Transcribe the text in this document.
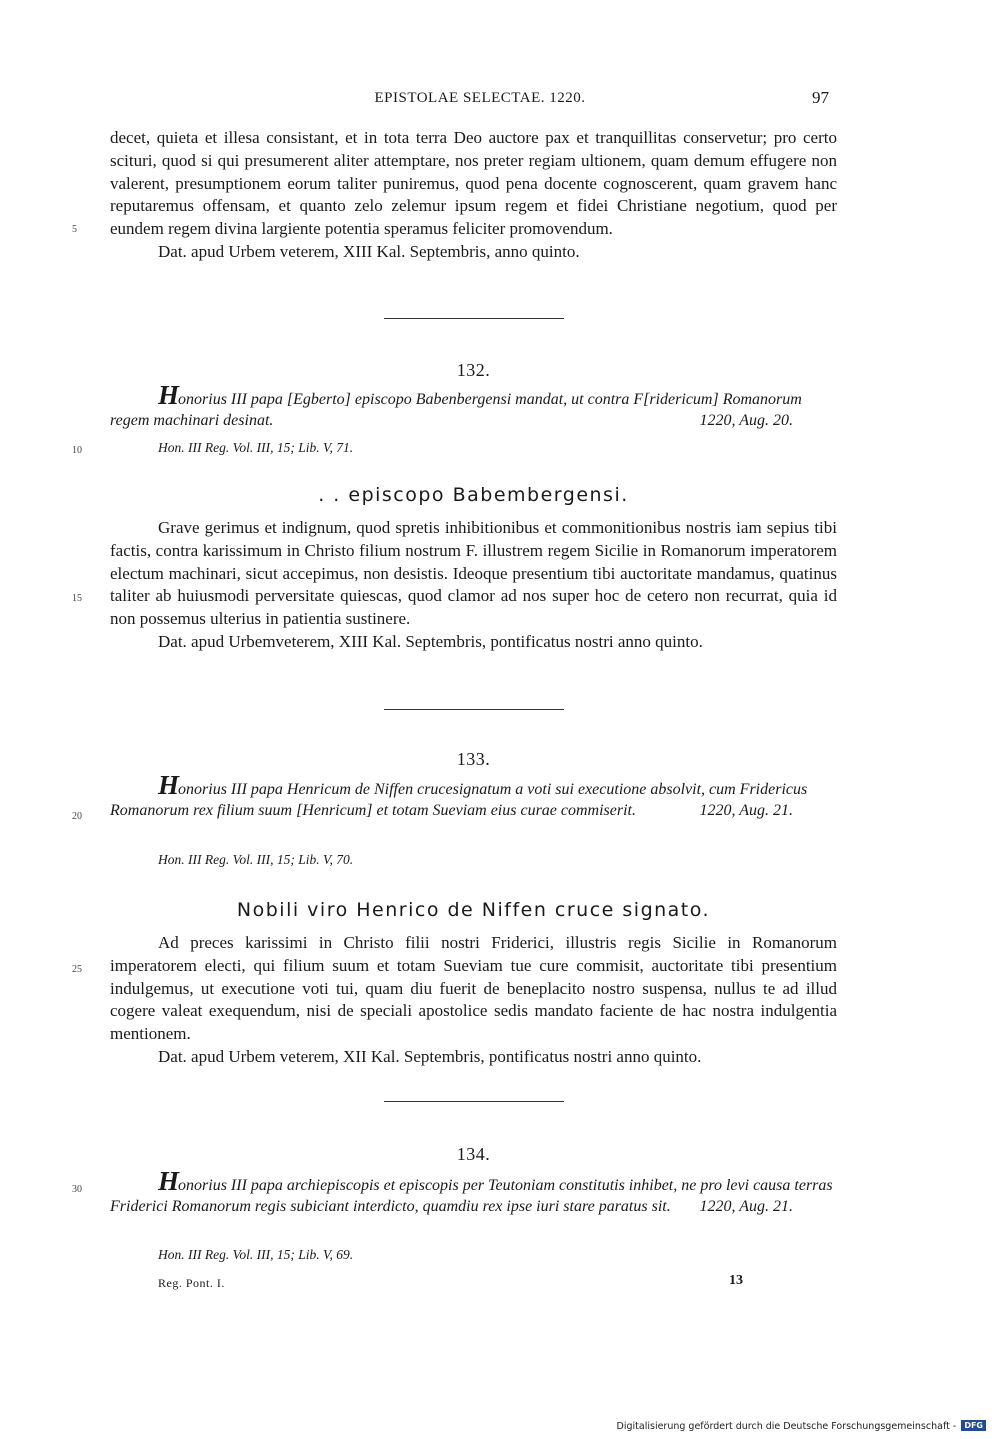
EPISTOLAE SELECTAE. 1220.	97

decet, quieta et illesa consistant, et in tota terra Deo auctore pax et tranquillitas conservetur; pro certo scituri, quod si qui presumerent aliter attemptare, nos preter regiam ultionem, quam demum effugere non valerent, presumptionem eorum taliter puniremus, quod pena docente cognoscerent, quam gravem hanc reputaremus offensam, et quanto zelo zelemur ipsum regem et fidei Christiane negotium, quod per eundem regem divina largiente potentia speramus feliciter promovendum.

Dat. apud Urbem veterem, XIII Kal. Septembris, anno quinto.

5
132.
Honorius III papa [Egberto] episcopo Babenbergensi mandat, ut contra F[ridericum] Romanorum regem machinari desinat.	1220, Aug. 20.
10	Hon. III Reg. Vol. III, 15; Lib. V, 71.
. . episcopo Babembergensi.

Grave gerimus et indignum, quod spretis inhibitionibus et commonitionibus nostris iam sepius tibi factis, contra karissimum in Christo filium nostrum F. illustrem regem Sicilie in Romanorum imperatorem electum machinari, sicut accepimus, non desistis. Ideoque presentium tibi auctoritate mandamus, quatinus taliter ab huiusmodi perversitate quiescas, quod clamor ad nos super hoc de cetero non recurrat, quia id non possemus ulterius in patientia sustinere.

Dat. apud Urbemveterem, XIII Kal. Septembris, pontificatus nostri anno quinto.

15
133.
Honorius III papa Henricum de Niffen crucesignatum a voti sui executione absolvit, cum Fridericus Romanorum rex filium suum [Henricum] et totam Sueviam eius curae commiserit.	1220, Aug. 21.
20
Hon. III Reg. Vol. III, 15; Lib. V, 70.
Nobili viro Henrico de Niffen cruce signato.

Ad preces karissimi in Christo filii nostri Friderici, illustris regis Sicilie in Romanorum imperatorem electi, qui filium suum et totam Sueviam tue cure commisit, auctoritate tibi presentium indulgemus, ut executione voti tui, quam diu fuerit de beneplacito nostro suspensa, nullus te ad illud cogere valeat exequendum, nisi de speciali apostolice sedis mandato faciente de hac nostra indulgentia mentionem.

Dat. apud Urbem veterem, XII Kal. Septembris, pontificatus nostri anno quinto.

25
134.
Honorius III papa archiepiscopis et episcopis per Teutoniam constitutis inhibet, ne pro levi causa terras Friderici Romanorum regis subiciant interdicto, quamdiu rex ipse iuri stare paratus sit.	1220, Aug. 21.
30
Hon. III Reg. Vol. III, 15; Lib. V, 69.
Reg. Pont. I.	13
Digitalisierung gefördert durch die Deutsche Forschungsgemeinschaft - DFG
